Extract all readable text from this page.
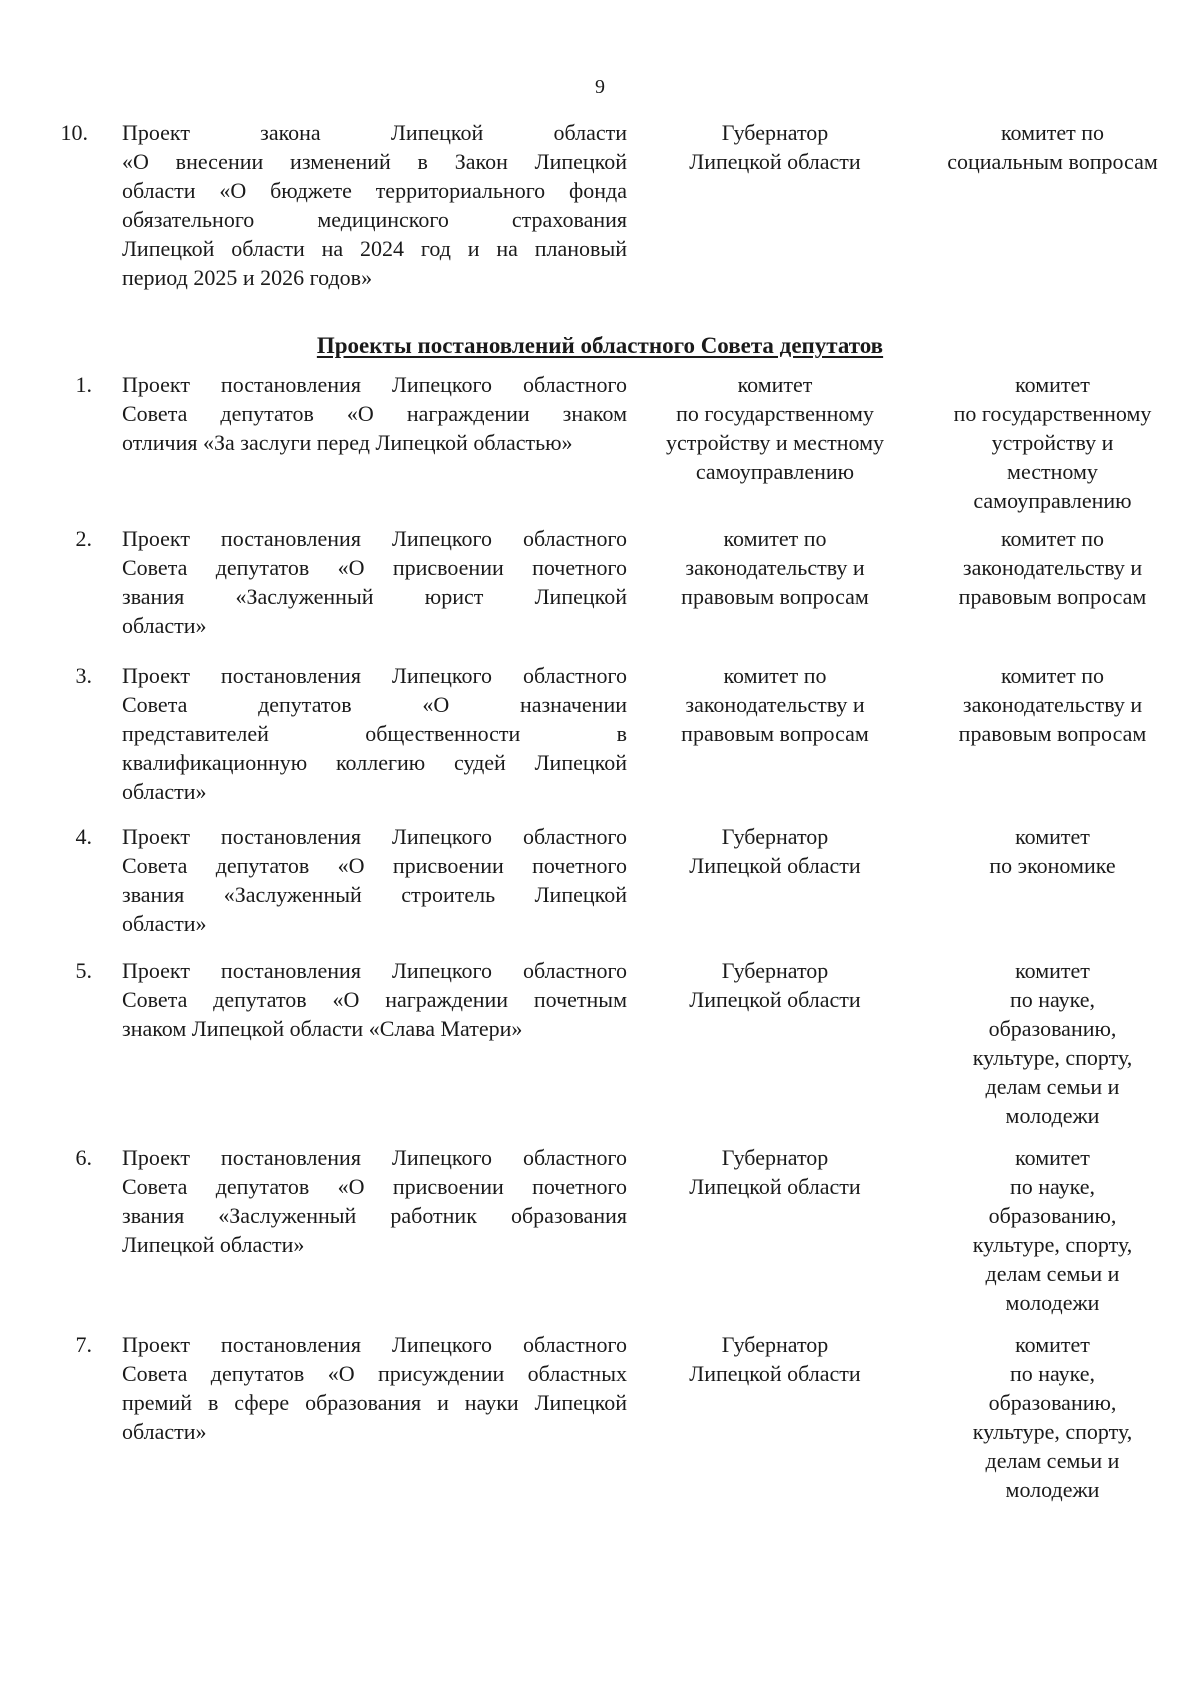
9
10. Проект закона Липецкой области
«О внесении изменений в Закон Липецкой
области «О бюджете территориального фонда
обязательного медицинского страхования
Липецкой области на 2024 год и на плановый
период 2025 и 2026 годов»
Губернатор
Липецкой области
комитет по
социальным вопросам
Проекты постановлений областного Совета депутатов
1. Проект постановления Липецкого областного
Совета депутатов «О награждении знаком
отличия «За заслуги перед Липецкой областью»
комитет
по государственному
устройству и местному
самоуправлению
комитет
по государственному
устройству и
местному
самоуправлению
2. Проект постановления Липецкого областного
Совета депутатов «О присвоении почетного
звания «Заслуженный юрист Липецкой
области»
комитет по
законодательству и
правовым вопросам
комитет по
законодательству и
правовым вопросам
3. Проект постановления Липецкого областного
Совета депутатов «О назначении
представителей общественности в
квалификационную коллегию судей Липецкой
области»
комитет по
законодательству и
правовым вопросам
комитет по
законодательству и
правовым вопросам
4. Проект постановления Липецкого областного
Совета депутатов «О присвоении почетного
звания «Заслуженный строитель Липецкой
области»
Губернатор
Липецкой области
комитет
по экономике
5. Проект постановления Липецкого областного
Совета депутатов «О награждении почетным
знаком Липецкой области «Слава Матери»
Губернатор
Липецкой области
комитет
по науке,
образованию,
культуре, спорту,
делам семьи и
молодежи
6. Проект постановления Липецкого областного
Совета депутатов «О присвоении почетного
звания «Заслуженный работник образования
Липецкой области»
Губернатор
Липецкой области
комитет
по науке,
образованию,
культуре, спорту,
делам семьи и
молодежи
7. Проект постановления Липецкого областного
Совета депутатов «О присуждении областных
премий в сфере образования и науки Липецкой
области»
Губернатор
Липецкой области
комитет
по науке,
образованию,
культуре, спорту,
делам семьи и
молодежи
